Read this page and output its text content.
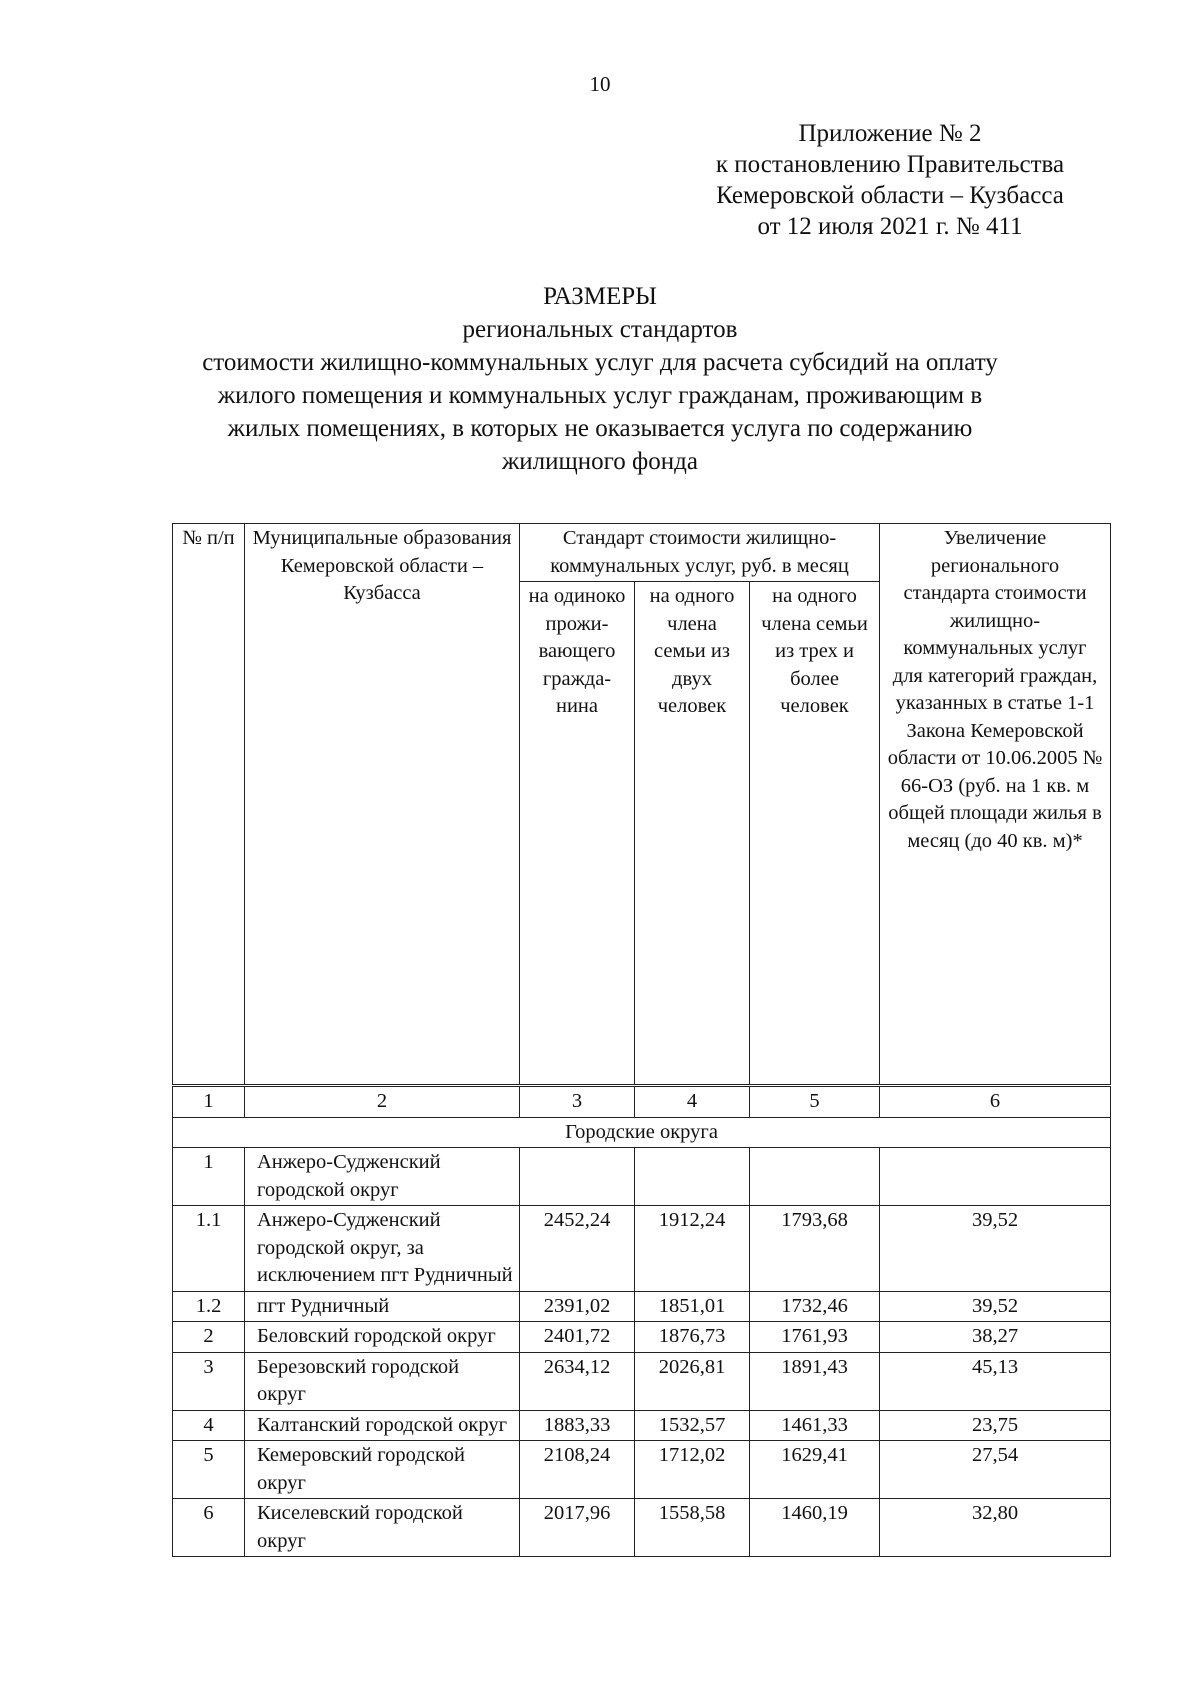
10
Приложение № 2
к постановлению Правительства
Кемеровской области – Кузбасса
от 12 июля 2021 г. № 411
РАЗМЕРЫ
региональных стандартов
стоимости жилищно-коммунальных услуг для расчета субсидий на оплату
жилого помещения и коммунальных услуг гражданам, проживающим в
жилых помещениях, в которых не оказывается услуга по содержанию
жилищного фонда
№ п/п	Муниципальные образования Кемеровской области – Кузбасса	Стандарт стоимости жилищно-коммунальных услуг, руб. в месяц			Увеличение регионального стандарта стоимости жилищно-коммунальных услуг для категорий граждан, указанных в статье 1-1 Закона Кемеровской области от 10.06.2005 № 66-ОЗ (руб. на 1 кв. м общей площади жилья в месяц (до 40 кв. м)*
		на одиноко прожи-вающего гражда-нина	на одного члена семьи из двух человек	на одного члена семьи из трех и более человек	
1	2	3	4	5	6
Городские округа					
1	Анжеро-Судженский городской округ				
1.1	Анжеро-Судженский городской округ, за исключением пгт Рудничный	2452,24	1912,24	1793,68	39,52
1.2	пгт Рудничный	2391,02	1851,01	1732,46	39,52
2	Беловский городской округ	2401,72	1876,73	1761,93	38,27
3	Березовский городской округ	2634,12	2026,81	1891,43	45,13
4	Калтанский городской округ	1883,33	1532,57	1461,33	23,75
5	Кемеровский городской округ	2108,24	1712,02	1629,41	27,54
6	Киселевский городской округ	2017,96	1558,58	1460,19	32,80
